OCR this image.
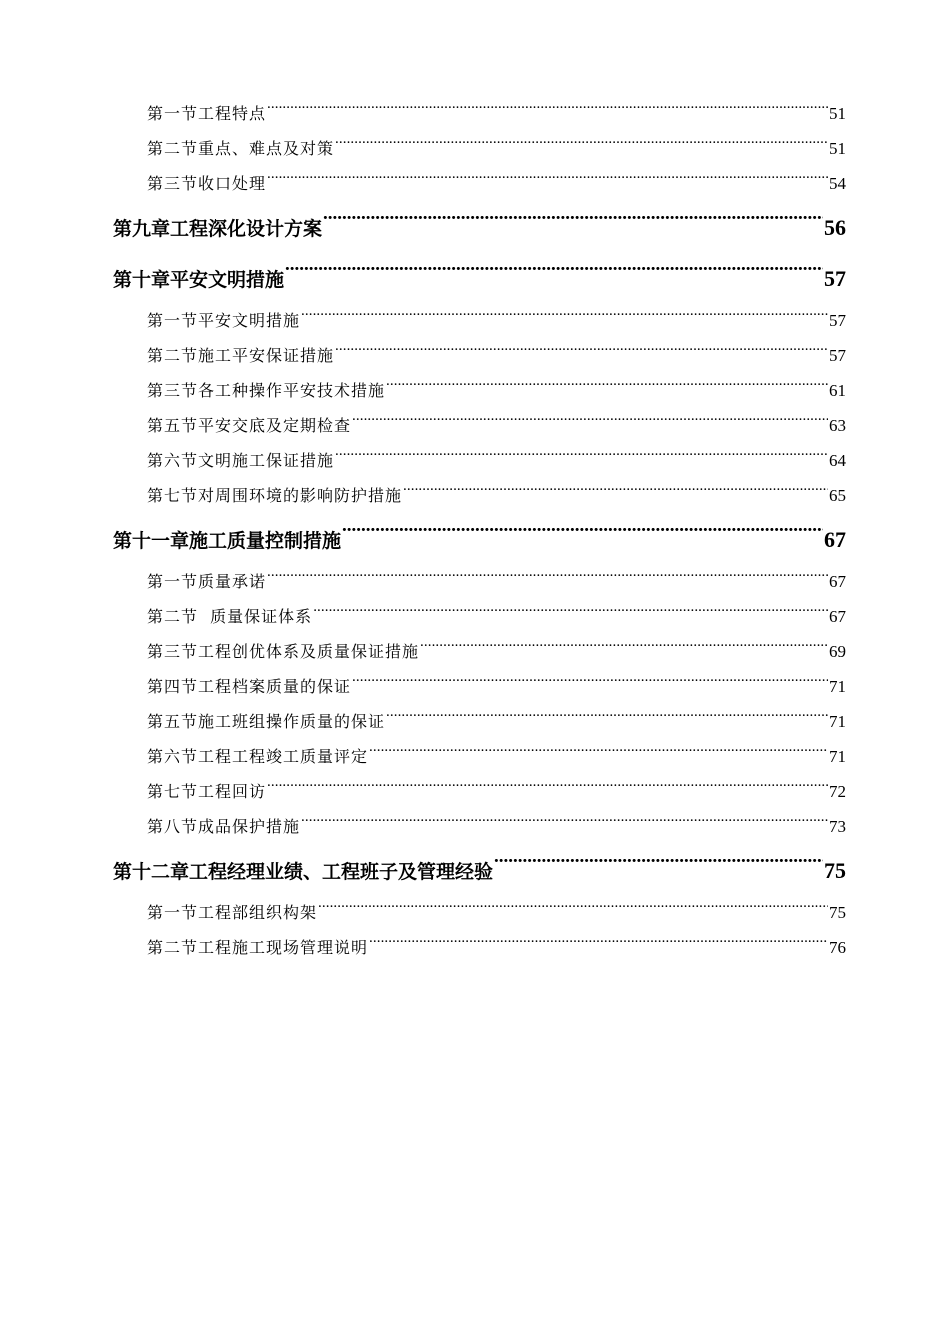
第一节工程特点 .....	51
第二节重点、难点及对策 .....	51
第三节收口处理 .....	54
第九章工程深化设计方案 .....	56
第十章平安文明措施 .....	57
第一节平安文明措施 .....	57
第二节施工平安保证措施 .....	57
第三节各工种操作平安技术措施 .....	61
第五节平安交底及定期检查 .....	63
第六节文明施工保证措施 .....	64
第七节对周围环境的影响防护措施 .....	65
第十一章施工质量控制措施 .....	67
第一节质量承诺 .....	67
第二节  质量保证体系 .....	67
第三节工程创优体系及质量保证措施 .....	69
第四节工程档案质量的保证 .....	71
第五节施工班组操作质量的保证 .....	71
第六节工程工程竣工质量评定 .....	71
第七节工程回访 .....	72
第八节成品保护措施 .....	73
第十二章工程经理业绩、工程班子及管理经验 .....	75
第一节工程部组织构架 .....	75
第二节工程施工现场管理说明 .....	76
